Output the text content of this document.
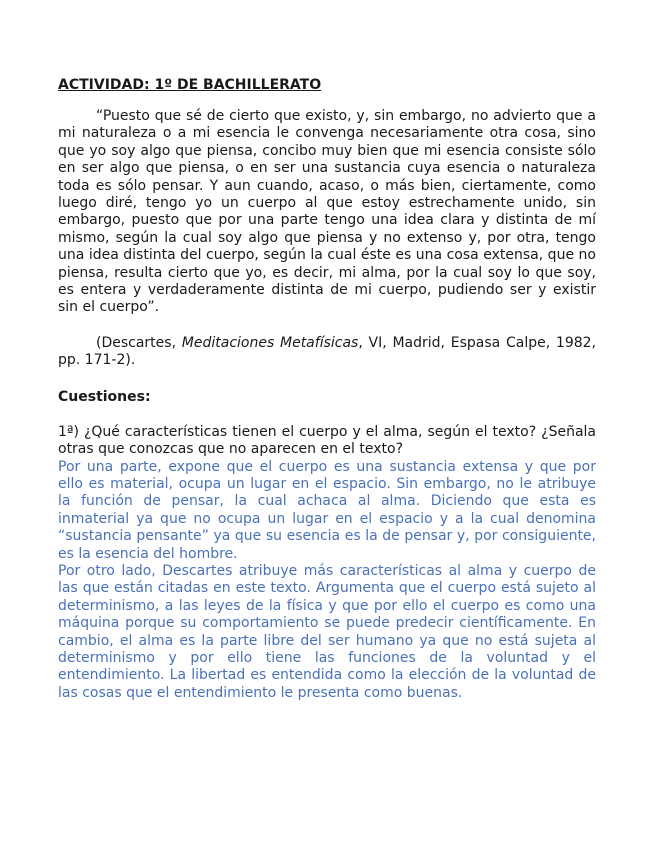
ACTIVIDAD: 1º DE BACHILLERATO

“Puesto que sé de cierto que existo, y, sin embargo, no advierto que a mi naturaleza o a mi esencia le convenga necesariamente otra cosa, sino que yo soy algo que piensa, concibo muy bien que mi esencia consiste sólo en ser algo que piensa, o en ser una sustancia cuya esencia o naturaleza toda es sólo pensar. Y aun cuando, acaso, o más bien, ciertamente, como luego diré, tengo yo un cuerpo al que estoy estrechamente unido, sin embargo, puesto que por una parte tengo una idea clara y distinta de mí mismo, según la cual soy algo que piensa y no extenso y, por otra, tengo una idea distinta del cuerpo, según la cual éste es una cosa extensa, que no piensa, resulta cierto que yo, es decir, mi alma, por la cual soy lo que soy, es entera y verdaderamente distinta de mi cuerpo, pudiendo ser y existir sin el cuerpo”.

(Descartes, Meditaciones Metafísicas, VI, Madrid, Espasa Calpe, 1982, pp. 171-2).

Cuestiones:

1ª) ¿Qué características tienen el cuerpo y el alma, según el texto? ¿Señala otras que conozcas que no aparecen en el texto?

Por una parte, expone que el cuerpo es una sustancia extensa y que por ello es material, ocupa un lugar en el espacio. Sin embargo, no le atribuye la función de pensar, la cual achaca al alma. Diciendo que esta es inmaterial ya que no ocupa un lugar en el espacio y a la cual denomina “sustancia pensante” ya que su esencia es la de pensar y, por consiguiente, es la esencia del hombre.

Por otro lado, Descartes atribuye más características al alma y cuerpo de las que están citadas en este texto. Argumenta que el cuerpo está sujeto al determinismo, a las leyes de la física y que por ello el cuerpo es como una máquina porque su comportamiento se puede predecir científicamente. En cambio, el alma es la parte libre del ser humano ya que no está sujeta al determinismo y por ello tiene las funciones de la voluntad y el entendimiento. La libertad es entendida como la elección de la voluntad de las cosas que el entendimiento le presenta como buenas.
